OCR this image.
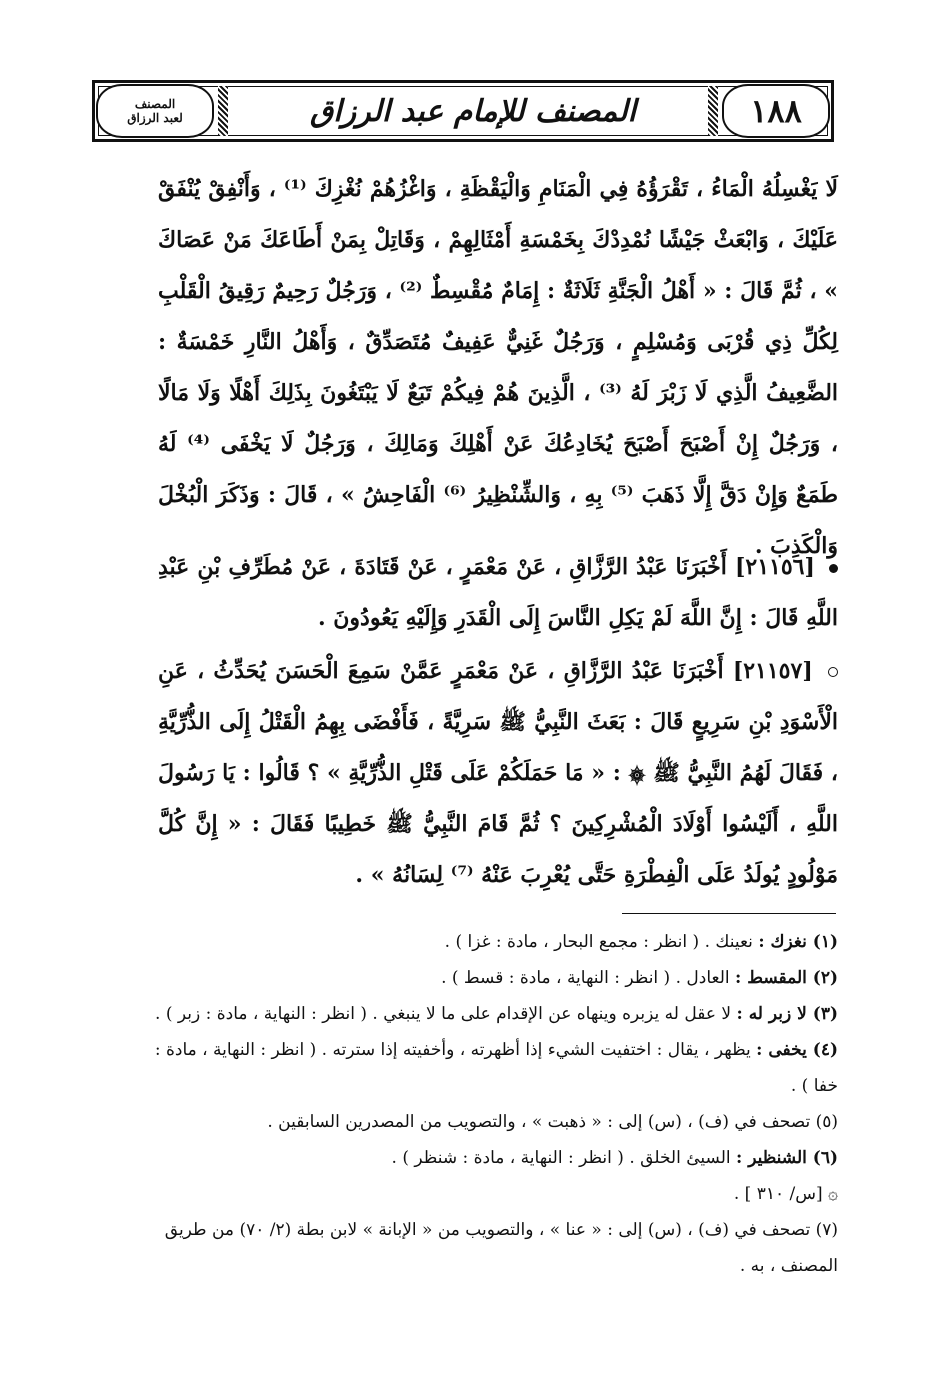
المصنف
لعبد الرزاق	المصنف للإمام عبد الرزاق	١٨٨
لَا يَغْسِلُهُ الْمَاءُ ، تَقْرَؤُهُ فِي الْمَنَامِ وَالْيَقْظَةِ ، وَاغْزُهُمْ نُغْزِكَ ⁽¹⁾ ، وَأَنْفِقْ يُنْفَقْ عَلَيْكَ ، وَابْعَثْ جَيْشًا نُمْدِدْكَ بِخَمْسَةِ أَمْثَالِهِمْ ، وَقَاتِلْ بِمَنْ أَطَاعَكَ مَنْ عَصَاكَ » ، ثُمَّ قَالَ : « أَهْلُ الْجَنَّةِ ثَلَاثَةٌ : إِمَامٌ مُقْسِطٌ ⁽²⁾ ، وَرَجُلٌ رَحِيمٌ رَقِيقُ الْقَلْبِ لِكُلِّ ذِي قُرْبَى وَمُسْلِمٍ ، وَرَجُلٌ غَنِيٌّ عَفِيفٌ مُتَصَدِّقٌ ، وَأَهْلُ النَّارِ خَمْسَةٌ : الضَّعِيفُ الَّذِي لَا زَبْرَ لَهُ ⁽³⁾ ، الَّذِينَ هُمْ فِيكُمْ تَبَعٌ لَا يَبْتَغُونَ بِذَلِكَ أَهْلًا وَلَا مَالًا ، وَرَجُلٌ إِنْ أَصْبَحَ أَصْبَحَ يُخَادِعُكَ عَنْ أَهْلِكَ وَمَالِكَ ، وَرَجُلٌ لَا يَخْفَى ⁽⁴⁾ لَهُ طَمَعٌ وَإِنْ دَقَّ إِلَّا ذَهَبَ ⁽⁵⁾ بِهِ ، وَالشِّنْظِيرُ ⁽⁶⁾ الْفَاحِشُ » ، قَالَ : وَذَكَرَ الْبُخْلَ وَالْكَذِبَ .
[٢١١٥٦] أَخْبَرَنَا عَبْدُ الرَّزَّاقِ ، عَنْ مَعْمَرٍ ، عَنْ قَتَادَةَ ، عَنْ مُطَرِّفِ بْنِ عَبْدِ اللَّهِ قَالَ : إِنَّ اللَّهَ لَمْ يَكِلِ النَّاسَ إِلَى الْقَدَرِ وَإِلَيْهِ يَعُودُونَ .
[٢١١٥٧] أَخْبَرَنَا عَبْدُ الرَّزَّاقِ ، عَنْ مَعْمَرٍ عَمَّنْ سَمِعَ الْحَسَنَ يُحَدِّثُ ، عَنِ الْأَسْوَدِ بْنِ سَرِيعٍ قَالَ : بَعَثَ النَّبِيُّ ﷺ سَرِيَّةً ، فَأَفْضَى بِهِمُ الْقَتْلُ إِلَى الذُّرِّيَّةِ ، فَقَالَ لَهُمُ النَّبِيُّ ﷺ ۞ : « مَا حَمَلَكُمْ عَلَى قَتْلِ الذُّرِّيَّةِ » ؟ قَالُوا : يَا رَسُولَ اللَّهِ ، أَلَيْسُوا أَوْلَادَ الْمُشْرِكِينَ ؟ ثُمَّ قَامَ النَّبِيُّ ﷺ خَطِيبًا فَقَالَ : « إِنَّ كُلَّ مَوْلُودٍ يُولَدُ عَلَى الْفِطْرَةِ حَتَّى يُعْرِبَ عَنْهُ ⁽⁷⁾ لِسَانُهُ » .

(١) نغزك : نعينك . ( انظر : مجمع البحار ، مادة : غزا ) .

(٢) المقسط : العادل . ( انظر : النهاية ، مادة : قسط ) .

(٣) لا زبر له : لا عقل له يزبره وينهاه عن الإقدام على ما لا ينبغي . ( انظر : النهاية ، مادة : زبر ) .

(٤) يخفى : يظهر ، يقال : اختفيت الشيء إذا أظهرته ، وأخفيته إذا سترته . ( انظر : النهاية ، مادة : خفا ) .

(٥) تصحف في (ف) ، (س) إلى : « ذهبت » ، والتصويب من المصدرين السابقين .

(٦) الشنظير : السيئ الخلق . ( انظر : النهاية ، مادة : شنظر ) .

۞ [س/ ٣١٠ ] .

(٧) تصحف في (ف) ، (س) إلى : « عنا » ، والتصويب من « الإبانة » لابن بطة (٢/ ٧٠) من طريق المصنف ، به .
